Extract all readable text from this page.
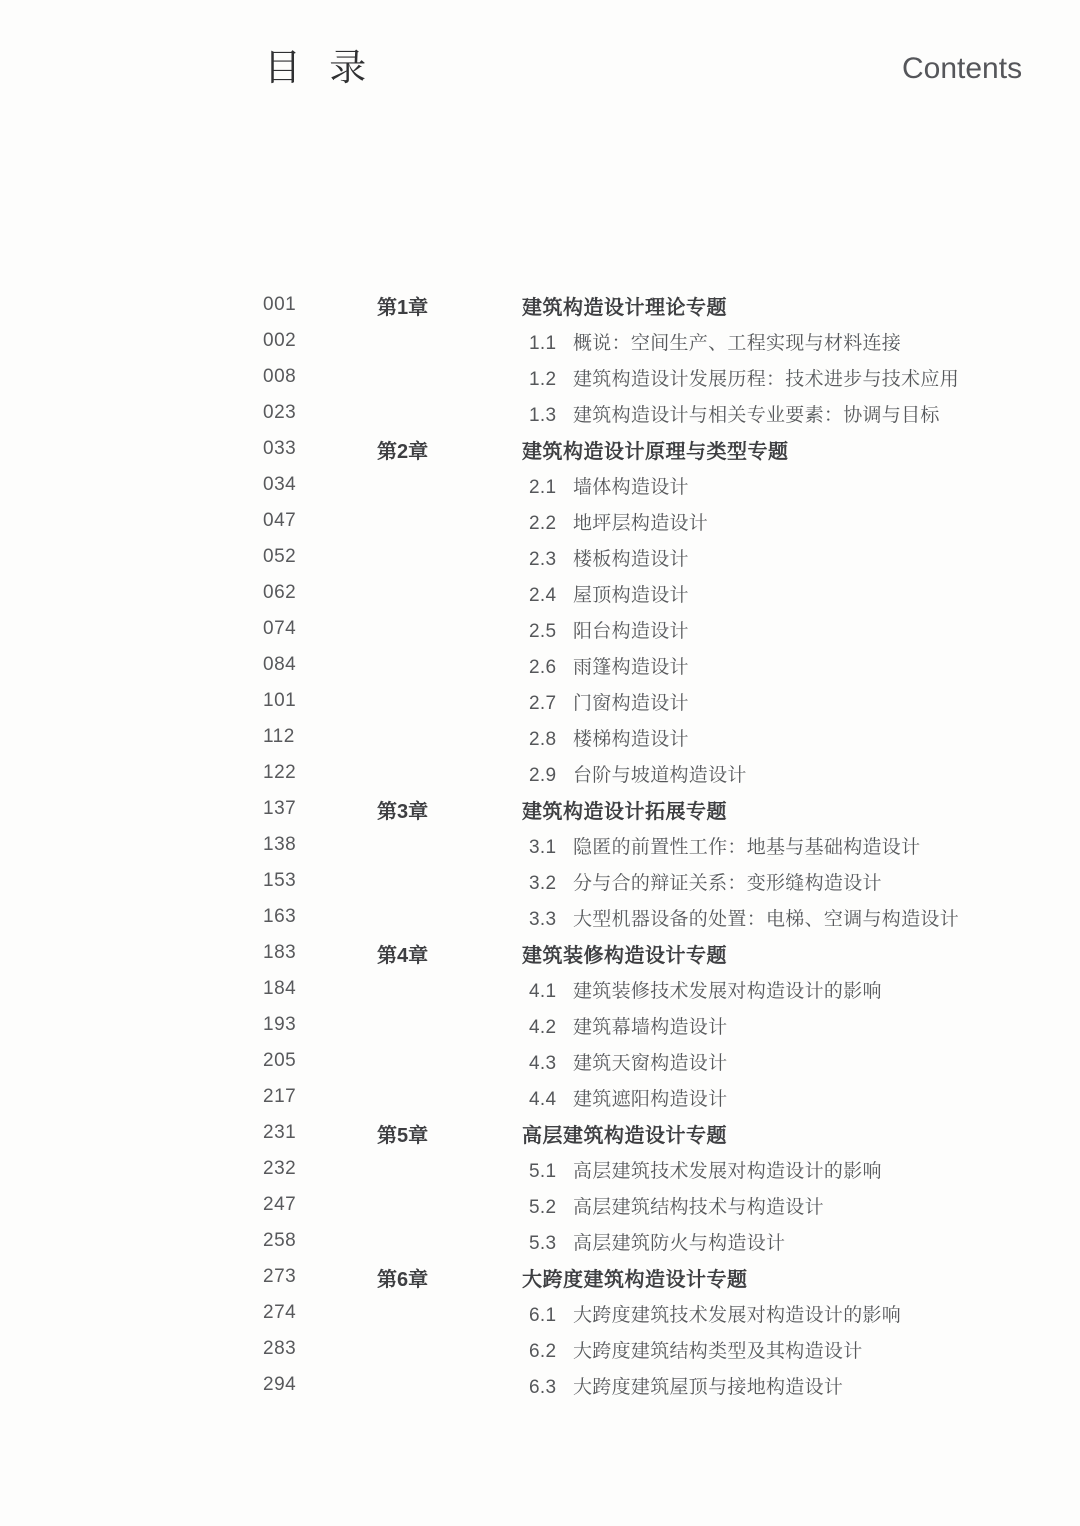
目 录	Contents
001	第1章	建筑构造设计理论专题
002	1.1 概说：空间生产、工程实现与材料连接
008	1.2 建筑构造设计发展历程：技术进步与技术应用
023	1.3 建筑构造设计与相关专业要素：协调与目标
033	第2章	建筑构造设计原理与类型专题
034	2.1 墙体构造设计
047	2.2 地坪层构造设计
052	2.3 楼板构造设计
062	2.4 屋顶构造设计
074	2.5 阳台构造设计
084	2.6 雨篷构造设计
101	2.7 门窗构造设计
112	2.8 楼梯构造设计
122	2.9 台阶与坡道构造设计
137	第3章	建筑构造设计拓展专题
138	3.1 隐匿的前置性工作：地基与基础构造设计
153	3.2 分与合的辩证关系：变形缝构造设计
163	3.3 大型机器设备的处置：电梯、空调与构造设计
183	第4章	建筑装修构造设计专题
184	4.1 建筑装修技术发展对构造设计的影响
193	4.2 建筑幕墙构造设计
205	4.3 建筑天窗构造设计
217	4.4 建筑遮阳构造设计
231	第5章	高层建筑构造设计专题
232	5.1 高层建筑技术发展对构造设计的影响
247	5.2 高层建筑结构技术与构造设计
258	5.3 高层建筑防火与构造设计
273	第6章	大跨度建筑构造设计专题
274	6.1 大跨度建筑技术发展对构造设计的影响
283	6.2 大跨度建筑结构类型及其构造设计
294	6.3 大跨度建筑屋顶与接地构造设计
